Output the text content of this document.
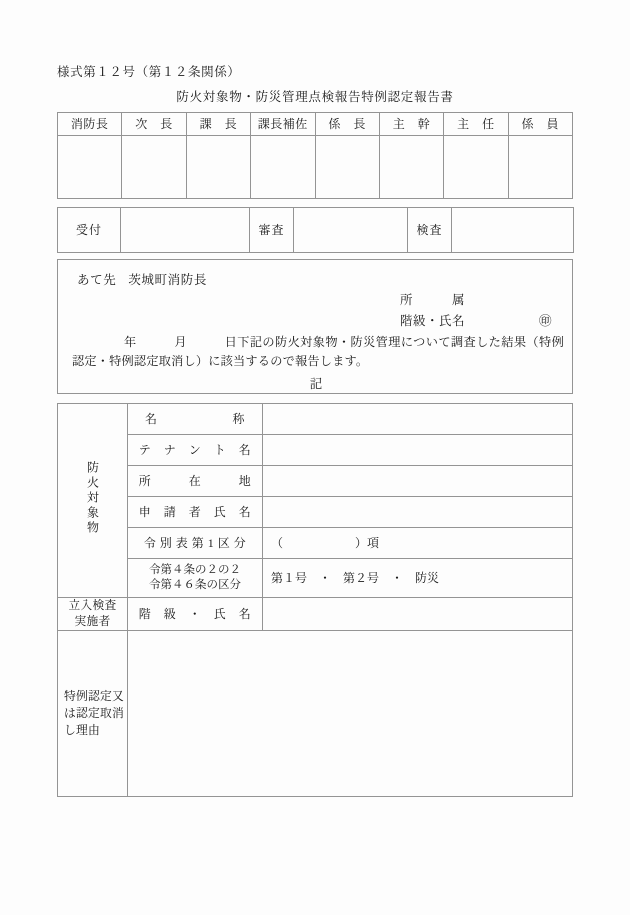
様式第１２号（第１２条関係）
防火対象物・防災管理点検報告特例認定報告書
消防長	次　長	課　長	課長補佐	係　長	主　幹	主　任	係　員

受付		審査		検査	
あて先 茨城町消防長
所　　　属
階級・氏名	㊞
年　　　月　　　日下記の防火対象物・防災管理について調査した結果（特例認定・特例認定取消し）に該当するので報告します。
記
防火対象物	名　　　　　　称	
	テ　ナ　ン　ト　名	
	所　　　在　　　地	
	申　請　者　氏　名	
	令 別 表 第 1 区 分	（　　　　　　）項

	令第４条の２の２
令第４６条の区分	第１号　・　第２号　・　防災

立入検査
実施者	階　級　・　氏　名	
特例認定又は認定取消し理由		
